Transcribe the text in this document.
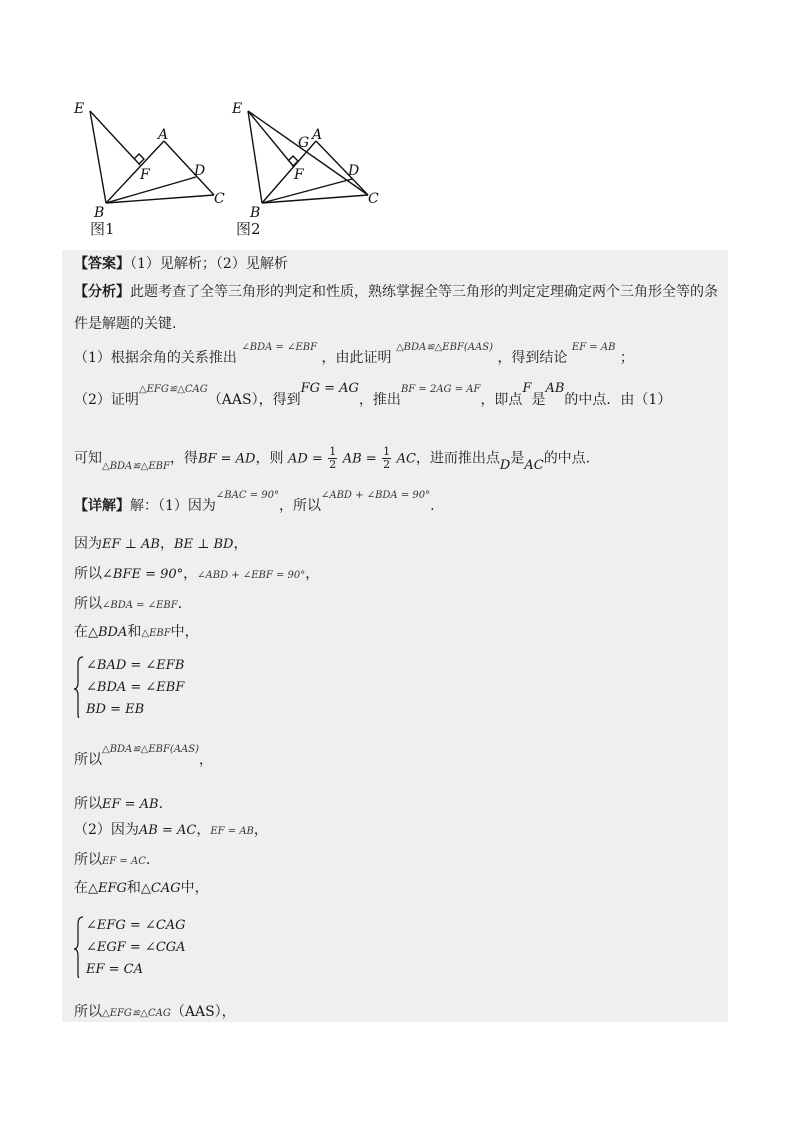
E
A
F	D
B
C
E
G A
F	D
B
C
图1	图2
【答案】（1）见解析；（2）见解析
【分析】此题考查了全等三角形的判定和性质，熟练掌握全等三角形的判定定理确定两个三角形全等的条
件是解题的关键.
（1）根据余角的关系推出 $^{\angle BDA = \angle EBF}$ ，由此证明 $^{\triangle BDA≌\triangle EBF(AAS)}$ ，得到结论 $^{EF = AB}$ ；
（2）证明$^{\triangle EFG≌\triangle CAG}$（AAS），得到FG = AG，推出$^{BF = 2AG = AF}$，即点F是AB的中点．由（1）
可知$_{\triangle BDA≌\triangle EBF}$，得BF = AD，则 AD = $\frac{1}{2}$ AB = $\frac{1}{2}$ AC，进而推出点D是AC的中点.
【详解】解：（1）因为$^{\angle BAC = 90^\circ}$，所以$^{\angle ABD + \angle BDA = 90^\circ}$.
因为EF ⊥ AB，BE ⊥ BD，
所以∠BFE = 90°，∠ABD + ∠EBF = 90°，
所以∠BDA = ∠EBF.
在△BDA和△EBF中，
∠BAD = ∠EFB
∠BDA = ∠EBF
BD = EB
所以$^{\triangle BDA≌\triangle EBF(AAS)}$，
所以EF = AB.
（2）因为AB = AC，EF = AB，
所以EF = AC.
在△EFG和△CAG中，
∠EFG = ∠CAG
∠EGF = ∠CGA
EF = CA
所以△EFG≌△CAG（AAS），
